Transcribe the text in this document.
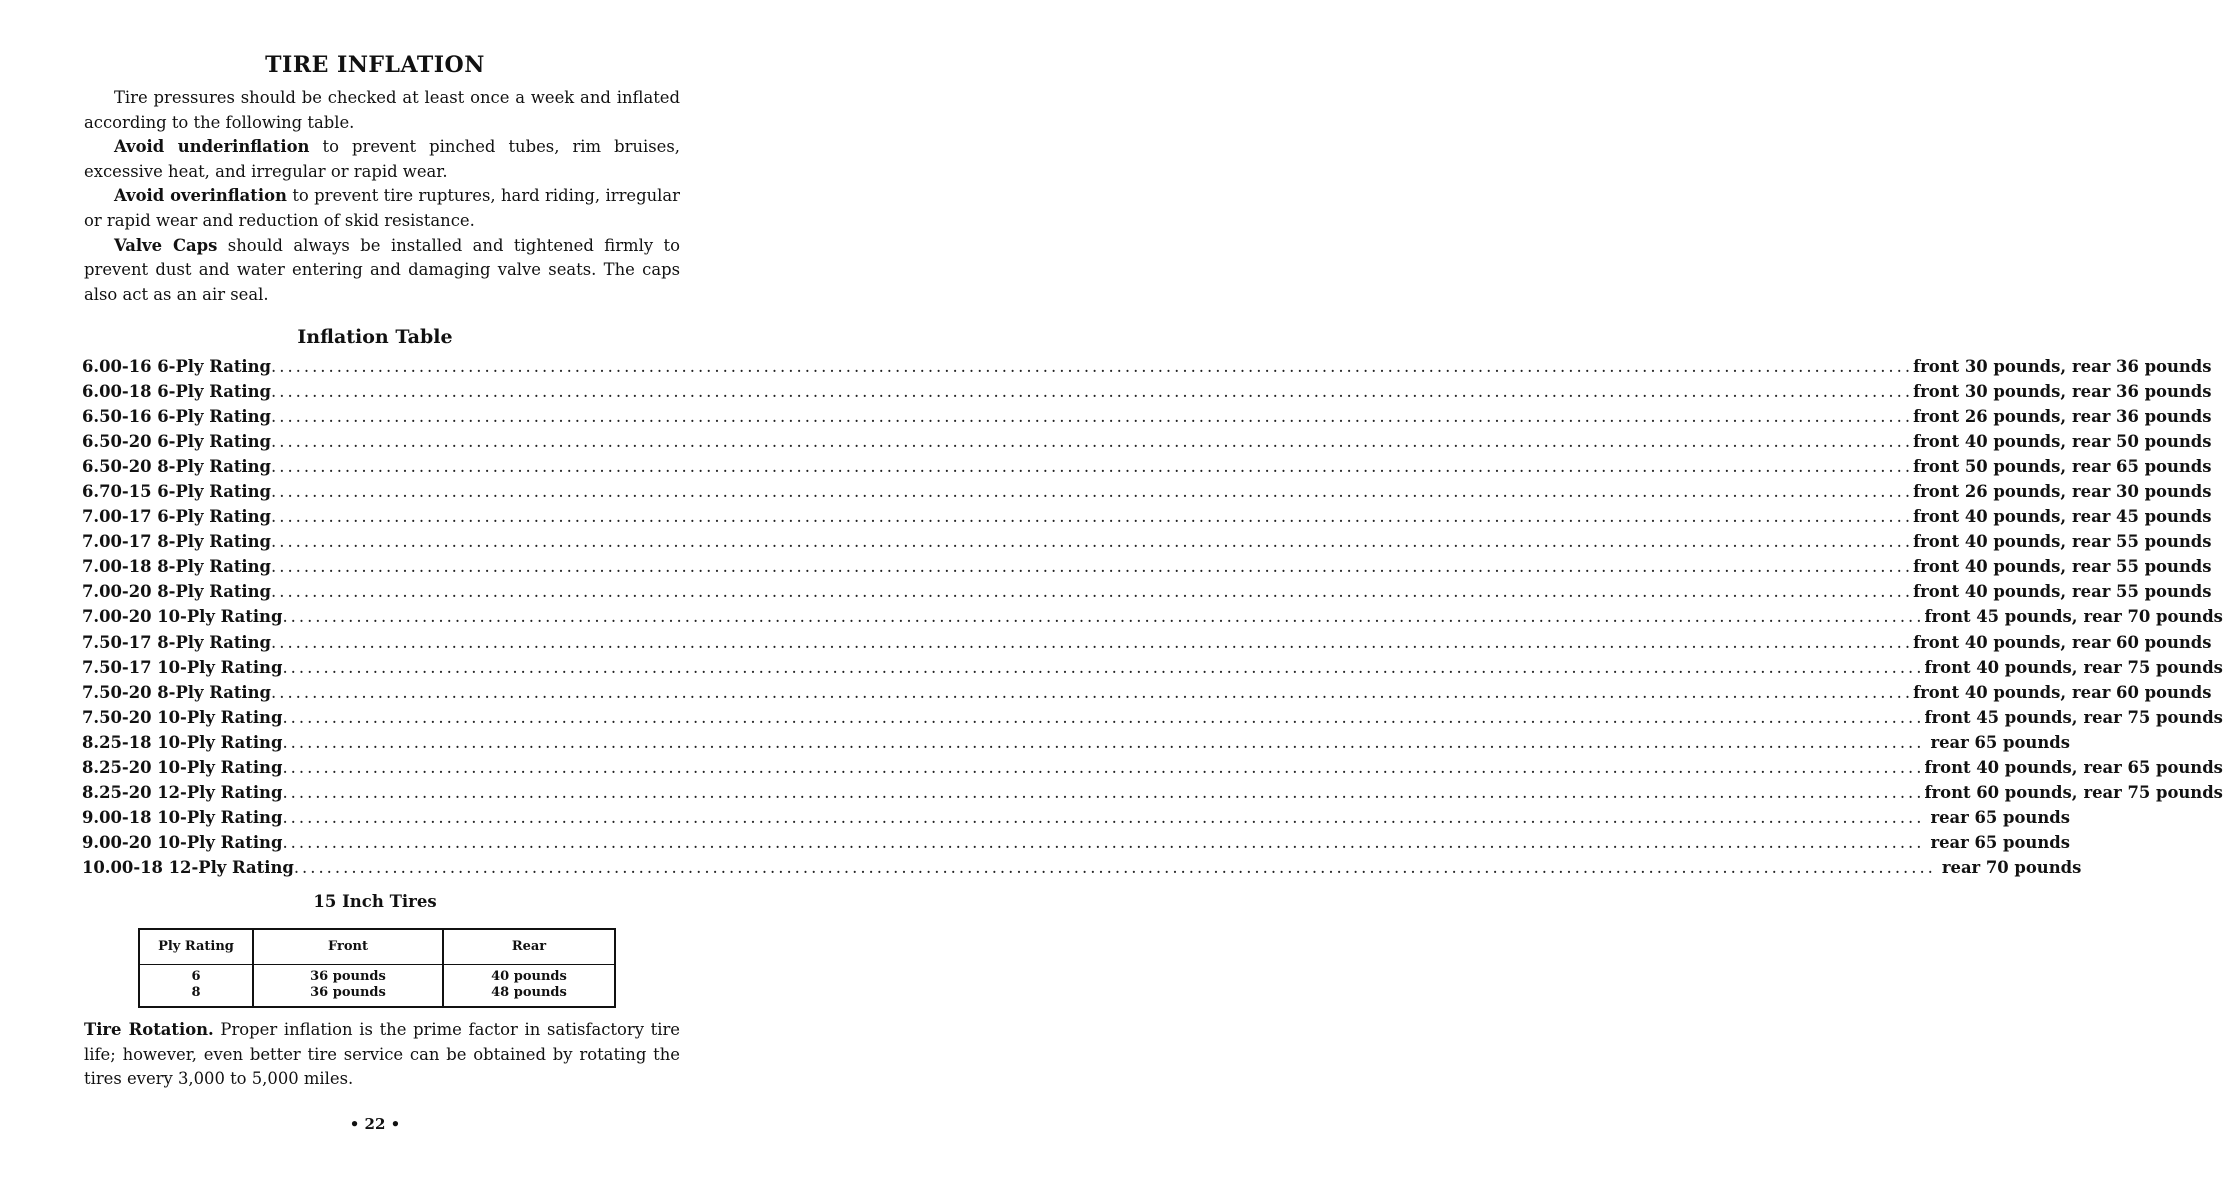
TIRE INFLATION

Tire pressures should be checked at least once a week and inflated according to the following table.

Avoid underinflation to prevent pinched tubes, rim bruises, excessive heat, and irregular or rapid wear.

Avoid overinflation to prevent tire ruptures, hard riding, irregular or rapid wear and reduction of skid resistance.

Valve Caps should always be installed and tightened firmly to prevent dust and water entering and damaging valve seats. The caps also act as an air seal.

Inflation Table
6.00-16 6-Ply Rating ........................................................................................................................................................................................................ front 30 pounds , rear 36 pounds
6.00-18 6-Ply Rating ........................................................................................................................................................................................................ front 30 pounds , rear 36 pounds
6.50-16 6-Ply Rating ........................................................................................................................................................................................................ front 26 pounds , rear 36 pounds
6.50-20 6-Ply Rating ........................................................................................................................................................................................................ front 40 pounds , rear 50 pounds
6.50-20 8-Ply Rating ........................................................................................................................................................................................................ front 50 pounds , rear 65 pounds
6.70-15 6-Ply Rating ........................................................................................................................................................................................................ front 26 pounds , rear 30 pounds
7.00-17 6-Ply Rating ........................................................................................................................................................................................................ front 40 pounds , rear 45 pounds
7.00-17 8-Ply Rating ........................................................................................................................................................................................................ front 40 pounds , rear 55 pounds
7.00-18 8-Ply Rating ........................................................................................................................................................................................................ front 40 pounds , rear 55 pounds
7.00-20 8-Ply Rating ........................................................................................................................................................................................................ front 40 pounds , rear 55 pounds
7.00-20 10-Ply Rating ........................................................................................................................................................................................................ front 45 pounds , rear 70 pounds
7.50-17 8-Ply Rating ........................................................................................................................................................................................................ front 40 pounds , rear 60 pounds
7.50-17 10-Ply Rating ........................................................................................................................................................................................................ front 40 pounds , rear 75 pounds
7.50-20 8-Ply Rating ........................................................................................................................................................................................................ front 40 pounds , rear 60 pounds
7.50-20 10-Ply Rating ........................................................................................................................................................................................................ front 45 pounds , rear 75 pounds
8.25-18 10-Ply Rating ........................................................................................................................................................................................................ rear 65 pounds
8.25-20 10-Ply Rating ........................................................................................................................................................................................................ front 40 pounds , rear 65 pounds
8.25-20 12-Ply Rating ........................................................................................................................................................................................................ front 60 pounds , rear 75 pounds
9.00-18 10-Ply Rating ........................................................................................................................................................................................................ rear 65 pounds
9.00-20 10-Ply Rating ........................................................................................................................................................................................................ rear 65 pounds
10.00-18 12-Ply Rating ........................................................................................................................................................................................................ rear 70 pounds
15 Inch Tires
Ply Rating
6
8
Front
36 pounds
36 pounds
Rear
40 pounds
48 pounds
Tire Rotation. Proper inflation is the prime factor in satisfactory tire life; however, even better tire service can be obtained by rotating the tires every 3,000 to 5,000 miles.
• 22 •
